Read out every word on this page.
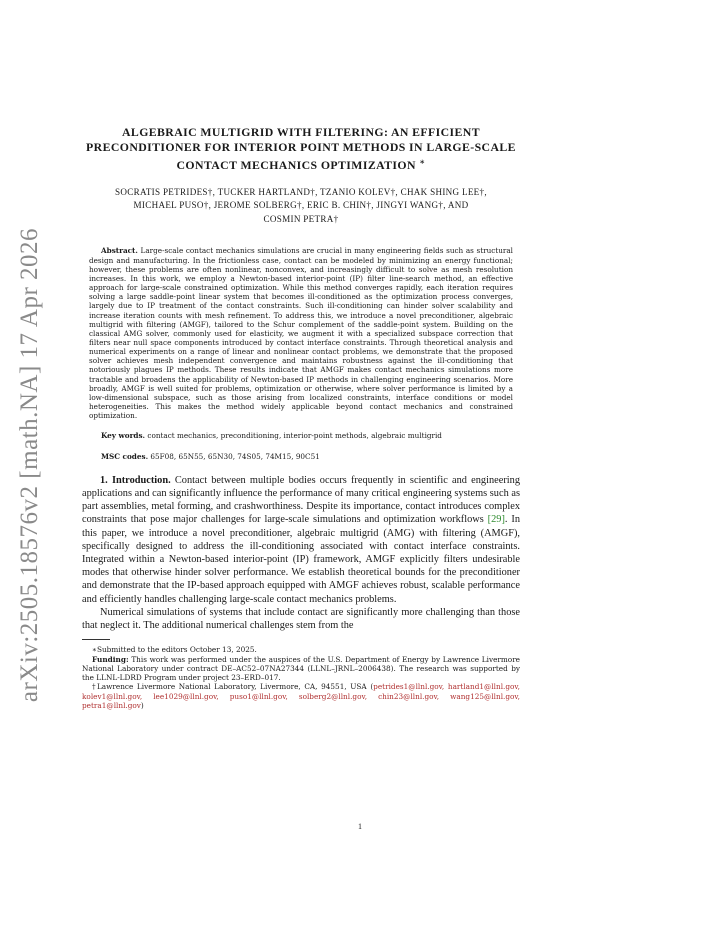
arXiv:2505.18576v2 [math.NA] 17 Apr 2026
ALGEBRAIC MULTIGRID WITH FILTERING: AN EFFICIENT PRECONDITIONER FOR INTERIOR POINT METHODS IN LARGE-SCALE CONTACT MECHANICS OPTIMIZATION ∗
SOCRATIS PETRIDES†, TUCKER HARTLAND†, TZANIO KOLEV†, CHAK SHING LEE†,
MICHAEL PUSO†, JEROME SOLBERG†, ERIC B. CHIN†, JINGYI WANG†, AND
COSMIN PETRA†
Abstract. Large-scale contact mechanics simulations are crucial in many engineering fields such as structural design and manufacturing. In the frictionless case, contact can be modeled by minimizing an energy functional; however, these problems are often nonlinear, nonconvex, and increasingly difficult to solve as mesh resolution increases. In this work, we employ a Newton-based interior-point (IP) filter line-search method, an effective approach for large-scale constrained optimization. While this method converges rapidly, each iteration requires solving a large saddle-point linear system that becomes ill-conditioned as the optimization process converges, largely due to IP treatment of the contact constraints. Such ill-conditioning can hinder solver scalability and increase iteration counts with mesh refinement. To address this, we introduce a novel preconditioner, algebraic multigrid with filtering (AMGF), tailored to the Schur complement of the saddle-point system. Building on the classical AMG solver, commonly used for elasticity, we augment it with a specialized subspace correction that filters near null space components introduced by contact interface constraints. Through theoretical analysis and numerical experiments on a range of linear and nonlinear contact problems, we demonstrate that the proposed solver achieves mesh independent convergence and maintains robustness against the ill-conditioning that notoriously plagues IP methods. These results indicate that AMGF makes contact mechanics simulations more tractable and broadens the applicability of Newton-based IP methods in challenging engineering scenarios. More broadly, AMGF is well suited for problems, optimization or otherwise, where solver performance is limited by a low-dimensional subspace, such as those arising from localized constraints, interface conditions or model heterogeneities. This makes the method widely applicable beyond contact mechanics and constrained optimization.
Key words. contact mechanics, preconditioning, interior-point methods, algebraic multigrid
MSC codes. 65F08, 65N55, 65N30, 74S05, 74M15, 90C51

1. Introduction. Contact between multiple bodies occurs frequently in scientific and engineering applications and can significantly influence the performance of many critical engineering systems such as part assemblies, metal forming, and crashworthiness. Despite its importance, contact introduces complex constraints that pose major challenges for large-scale simulations and optimization workflows [29]. In this paper, we introduce a novel preconditioner, algebraic multigrid (AMG) with filtering (AMGF), specifically designed to address the ill-conditioning associated with contact interface constraints. Integrated within a Newton-based interior-point (IP) framework, AMGF explicitly filters undesirable modes that otherwise hinder solver performance. We establish theoretical bounds for the preconditioner and demonstrate that the IP-based approach equipped with AMGF achieves robust, scalable performance and efficiently handles challenging large-scale contact mechanics problems.

Numerical simulations of systems that include contact are significantly more challenging than those that neglect it. The additional numerical challenges stem from the

∗Submitted to the editors October 13, 2025.

Funding: This work was performed under the auspices of the U.S. Department of Energy by Lawrence Livermore National Laboratory under contract DE–AC52–07NA27344 (LLNL–JRNL–2006438). The research was supported by the LLNL-LDRD Program under project 23–ERD–017.

†Lawrence Livermore National Laboratory, Livermore, CA, 94551, USA (petrides1@llnl.gov, hartland1@llnl.gov, kolev1@llnl.gov, lee1029@llnl.gov, puso1@llnl.gov, solberg2@llnl.gov, chin23@llnl.gov, wang125@llnl.gov, petra1@llnl.gov)

1
